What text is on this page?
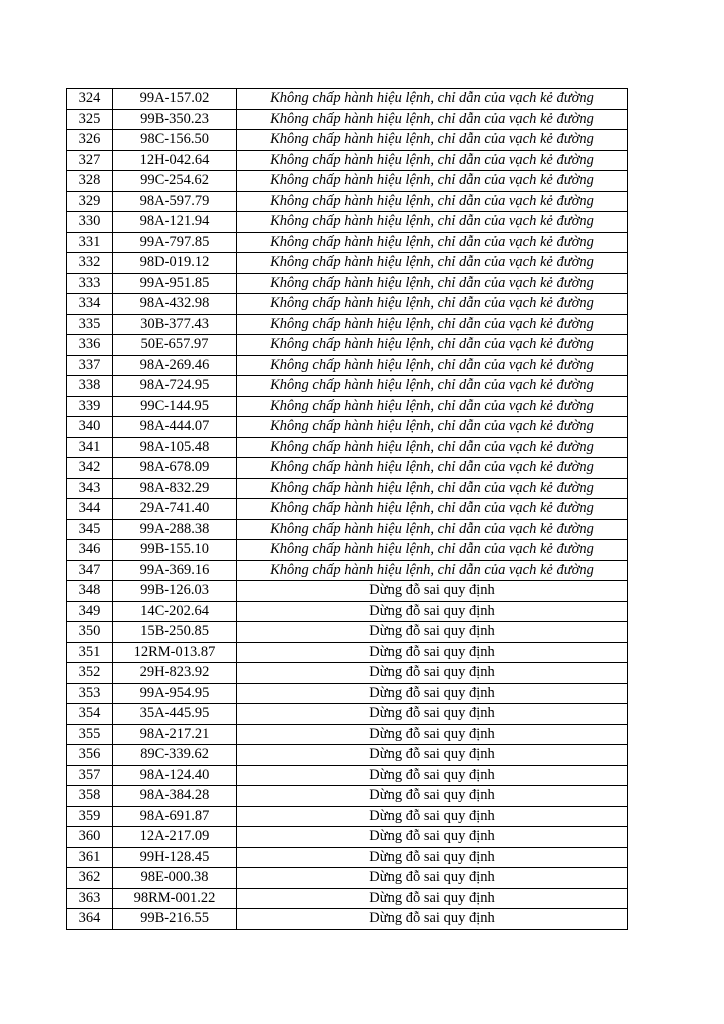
324	99A-157.02	Không chấp hành hiệu lệnh, chỉ dẫn của vạch kẻ đường
325	99B-350.23	Không chấp hành hiệu lệnh, chỉ dẫn của vạch kẻ đường
326	98C-156.50	Không chấp hành hiệu lệnh, chỉ dẫn của vạch kẻ đường
327	12H-042.64	Không chấp hành hiệu lệnh, chỉ dẫn của vạch kẻ đường
328	99C-254.62	Không chấp hành hiệu lệnh, chỉ dẫn của vạch kẻ đường
329	98A-597.79	Không chấp hành hiệu lệnh, chỉ dẫn của vạch kẻ đường
330	98A-121.94	Không chấp hành hiệu lệnh, chỉ dẫn của vạch kẻ đường
331	99A-797.85	Không chấp hành hiệu lệnh, chỉ dẫn của vạch kẻ đường
332	98D-019.12	Không chấp hành hiệu lệnh, chỉ dẫn của vạch kẻ đường
333	99A-951.85	Không chấp hành hiệu lệnh, chỉ dẫn của vạch kẻ đường
334	98A-432.98	Không chấp hành hiệu lệnh, chỉ dẫn của vạch kẻ đường
335	30B-377.43	Không chấp hành hiệu lệnh, chỉ dẫn của vạch kẻ đường
336	50E-657.97	Không chấp hành hiệu lệnh, chỉ dẫn của vạch kẻ đường
337	98A-269.46	Không chấp hành hiệu lệnh, chỉ dẫn của vạch kẻ đường
338	98A-724.95	Không chấp hành hiệu lệnh, chỉ dẫn của vạch kẻ đường
339	99C-144.95	Không chấp hành hiệu lệnh, chỉ dẫn của vạch kẻ đường
340	98A-444.07	Không chấp hành hiệu lệnh, chỉ dẫn của vạch kẻ đường
341	98A-105.48	Không chấp hành hiệu lệnh, chỉ dẫn của vạch kẻ đường
342	98A-678.09	Không chấp hành hiệu lệnh, chỉ dẫn của vạch kẻ đường
343	98A-832.29	Không chấp hành hiệu lệnh, chỉ dẫn của vạch kẻ đường
344	29A-741.40	Không chấp hành hiệu lệnh, chỉ dẫn của vạch kẻ đường
345	99A-288.38	Không chấp hành hiệu lệnh, chỉ dẫn của vạch kẻ đường
346	99B-155.10	Không chấp hành hiệu lệnh, chỉ dẫn của vạch kẻ đường
347	99A-369.16	Không chấp hành hiệu lệnh, chỉ dẫn của vạch kẻ đường
348	99B-126.03	Dừng đỗ sai quy định
349	14C-202.64	Dừng đỗ sai quy định
350	15B-250.85	Dừng đỗ sai quy định
351	12RM-013.87	Dừng đỗ sai quy định
352	29H-823.92	Dừng đỗ sai quy định
353	99A-954.95	Dừng đỗ sai quy định
354	35A-445.95	Dừng đỗ sai quy định
355	98A-217.21	Dừng đỗ sai quy định
356	89C-339.62	Dừng đỗ sai quy định
357	98A-124.40	Dừng đỗ sai quy định
358	98A-384.28	Dừng đỗ sai quy định
359	98A-691.87	Dừng đỗ sai quy định
360	12A-217.09	Dừng đỗ sai quy định
361	99H-128.45	Dừng đỗ sai quy định
362	98E-000.38	Dừng đỗ sai quy định
363	98RM-001.22	Dừng đỗ sai quy định
364	99B-216.55	Dừng đỗ sai quy định
